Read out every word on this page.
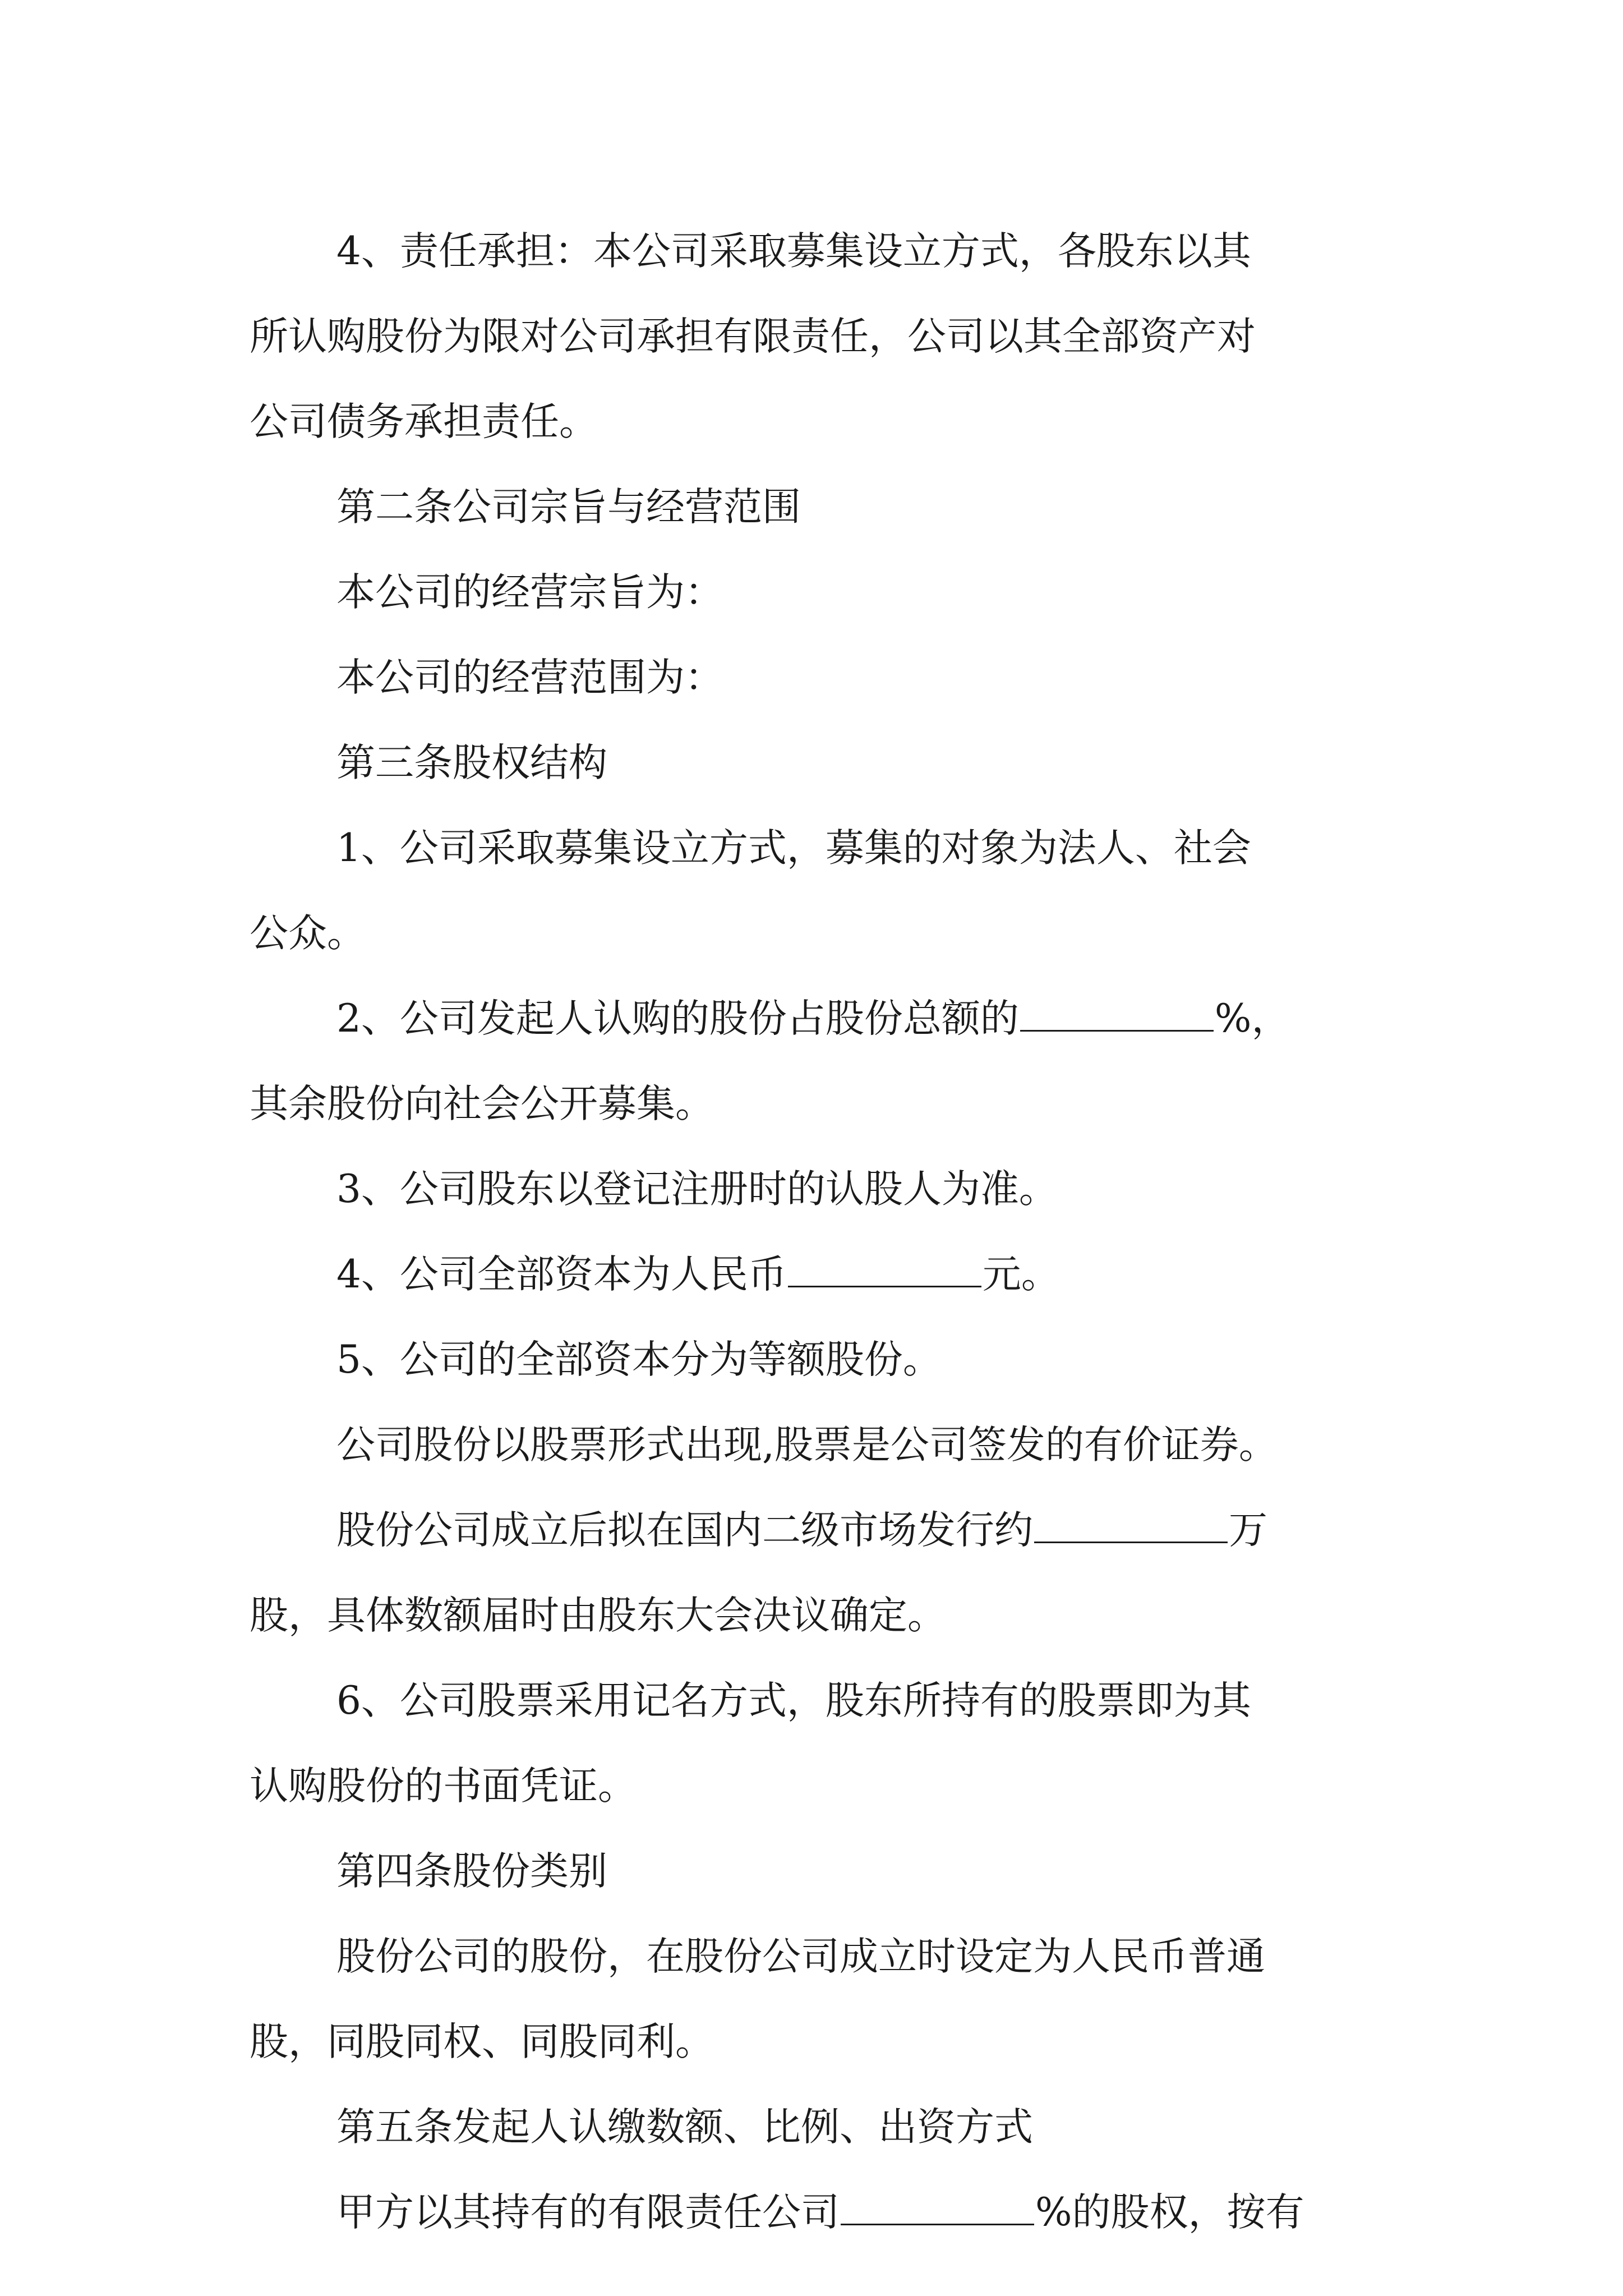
4、责任承担：本公司采取募集设立方式，各股东以其
所认购股份为限对公司承担有限责任，公司以其全部资产对
公司债务承担责任。
第二条公司宗旨与经营范围
本公司的经营宗旨为：
本公司的经营范围为：
第三条股权结构
1、公司采取募集设立方式，募集的对象为法人、社会
公众。
2、公司发起人认购的股份占股份总额的	%，
其余股份向社会公开募集。
3、公司股东以登记注册时的认股人为准。
4、公司全部资本为人民币	元。
5、公司的全部资本分为等额股份。
公司股份以股票形式出现,股票是公司签发的有价证券。
股份公司成立后拟在国内二级市场发行约	万
股，具体数额届时由股东大会决议确定。
6、公司股票采用记名方式，股东所持有的股票即为其
认购股份的书面凭证。
第四条股份类别
股份公司的股份，在股份公司成立时设定为人民币普通
股，同股同权、同股同利。
第五条发起人认缴数额、比例、出资方式
甲方以其持有的有限责任公司	%的股权，按有
